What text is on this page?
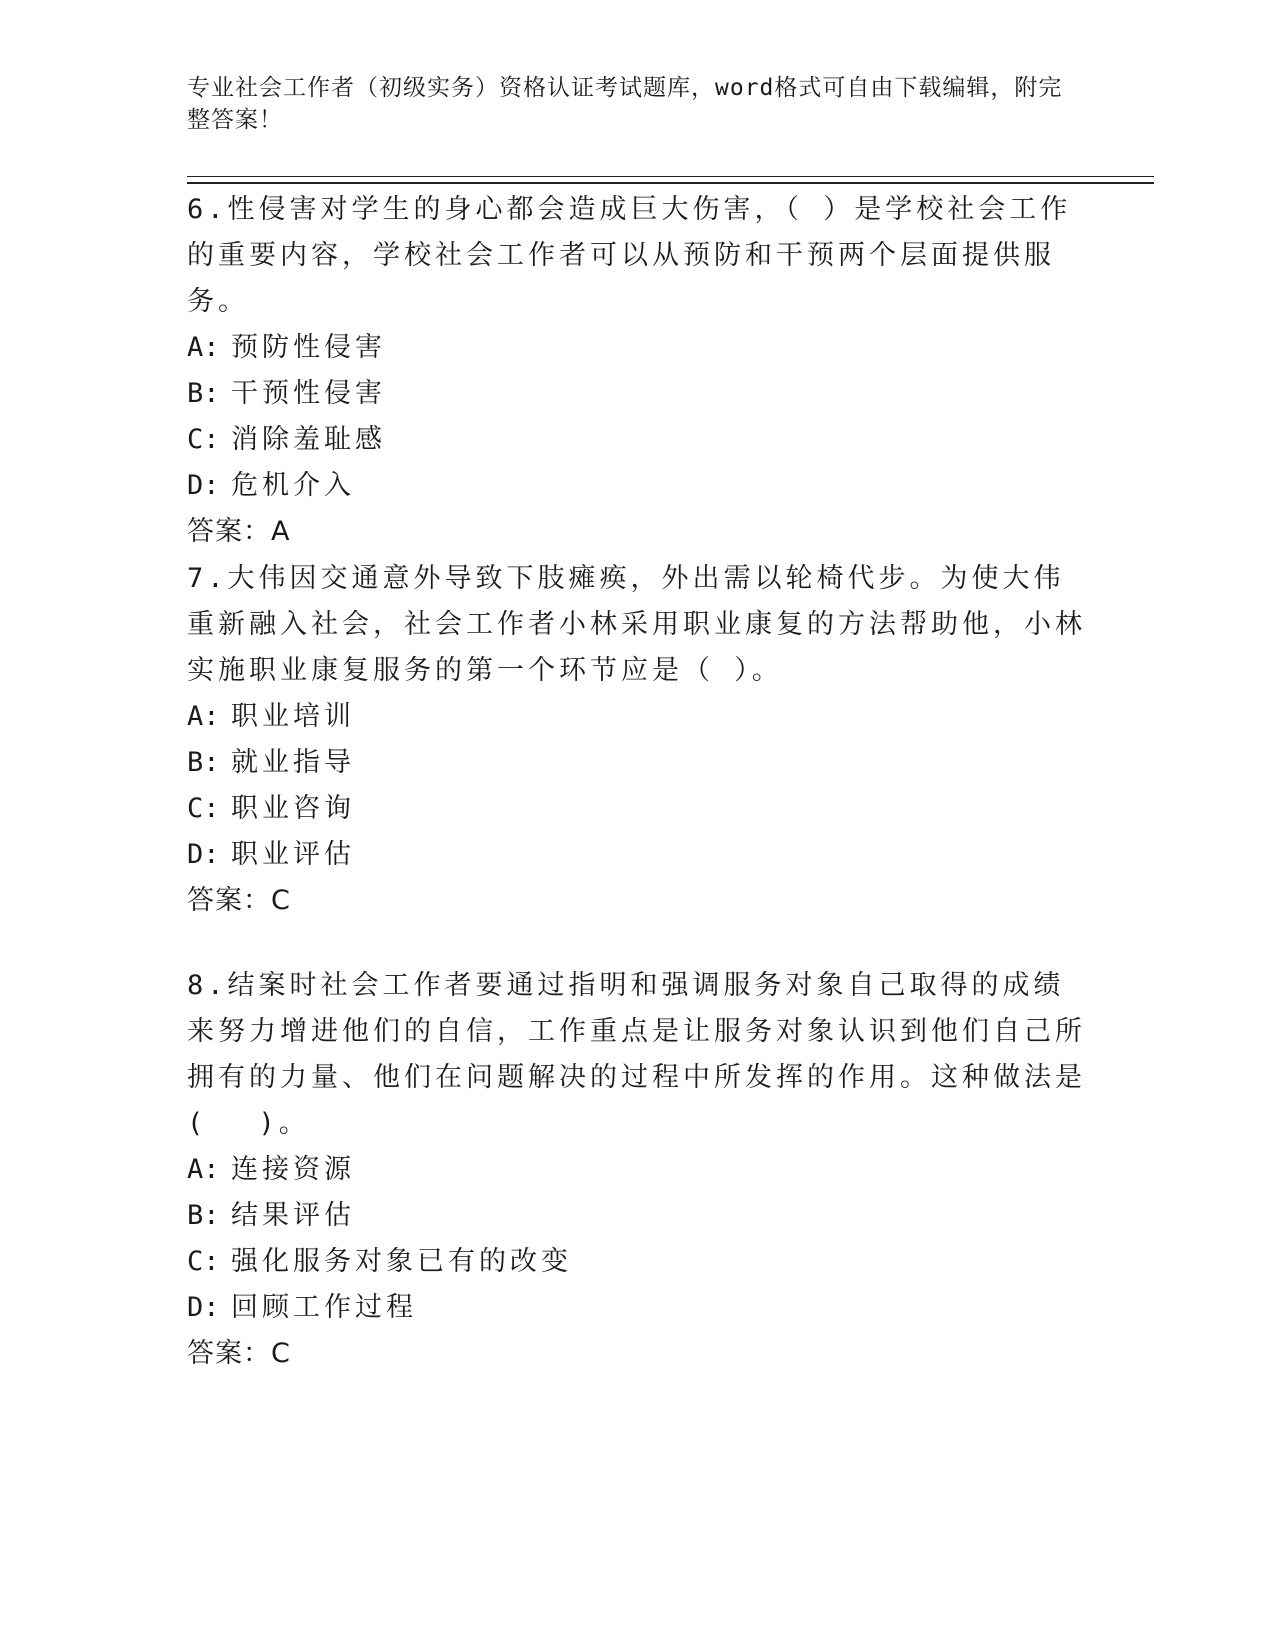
专业社会工作者（初级实务）资格认证考试题库，word格式可自由下载编辑，附完整答案！

6.性侵害对学生的身心都会造成巨大伤害，（ ）是学校社会工作的重要内容，学校社会工作者可以从预防和干预两个层面提供服务。

A: 预防性侵害
B: 干预性侵害
C: 消除羞耻感
D: 危机介入
答案：A

7.大伟因交通意外导致下肢瘫痪，外出需以轮椅代步。为使大伟重新融入社会，社会工作者小林采用职业康复的方法帮助他，小林实施职业康复服务的第一个环节应是（ ）。

A: 职业培训
B: 就业指导
C: 职业咨询
D: 职业评估
答案：C

8.结案时社会工作者要通过指明和强调服务对象自己取得的成绩来努力增进他们的自信，工作重点是让服务对象认识到他们自己所拥有的力量、他们在问题解决的过程中所发挥的作用。这种做法是(　 )。

A: 连接资源
B: 结果评估
C: 强化服务对象已有的改变
D: 回顾工作过程
答案：C
